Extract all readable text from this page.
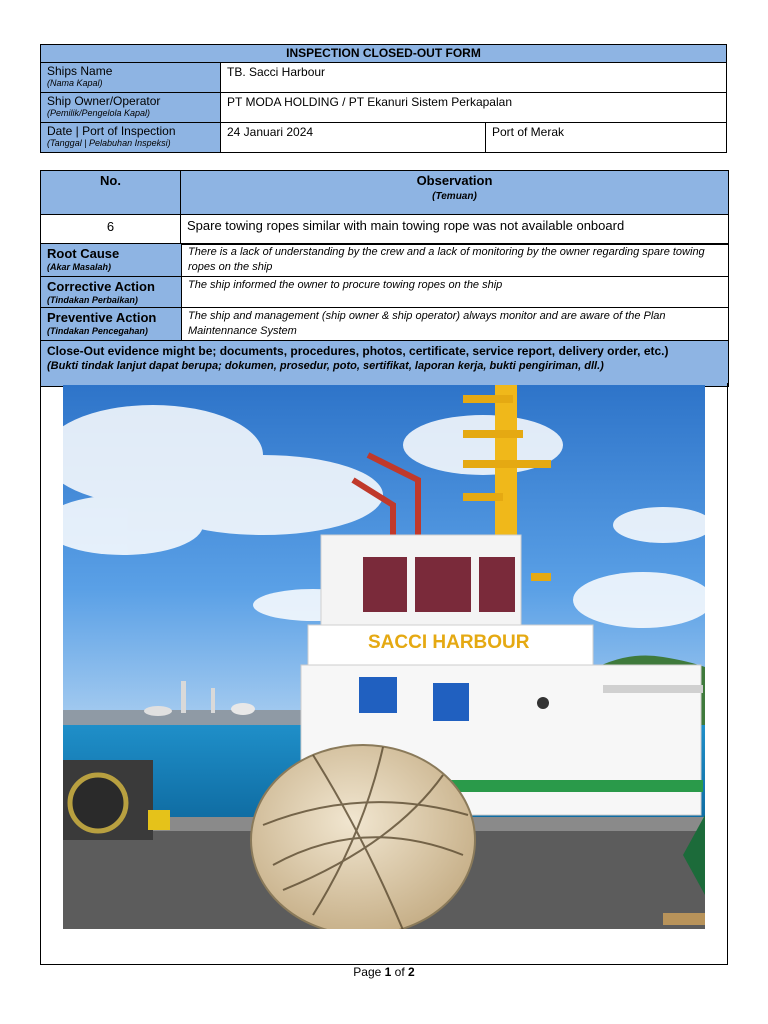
INSPECTION CLOSED-OUT FORM		

Ships Name
(Nama Kapal)	TB. Sacci Harbour	

Ship Owner/Operator
(Pemilik/Pengelola Kapal)	PT MODA HOLDING / PT Ekanuri Sistem Perkapalan	

Date | Port of Inspection
(Tanggal | Pelabuhan Inspeksi)	24 Januari 2024	Port of Merak
No.	Observation
(Temuan)

6	Spare towing ropes similar with main towing rope was not available onboard
Root Cause
(Akar Masalah)	There is a lack of understanding by the crew and a lack of monitoring by the owner regarding spare towing ropes on the ship

Corrective Action
(Tindakan Perbaikan)	The ship informed the owner to procure towing ropes on the ship

Preventive Action
(Tindakan Pencegahan)	The ship and management (ship owner & ship operator) always monitor and are aware of the Plan Maintennance System

Close-Out evidence might be; documents, procedures, photos, certificate, service report, delivery order, etc.)
(Bukti tindak lanjut dapat berupa; dokumen, prosedur, poto, sertifikat, laporan kerja, bukti pengiriman, dll.)	
SACCI HARBOUR
Page 1 of 2
